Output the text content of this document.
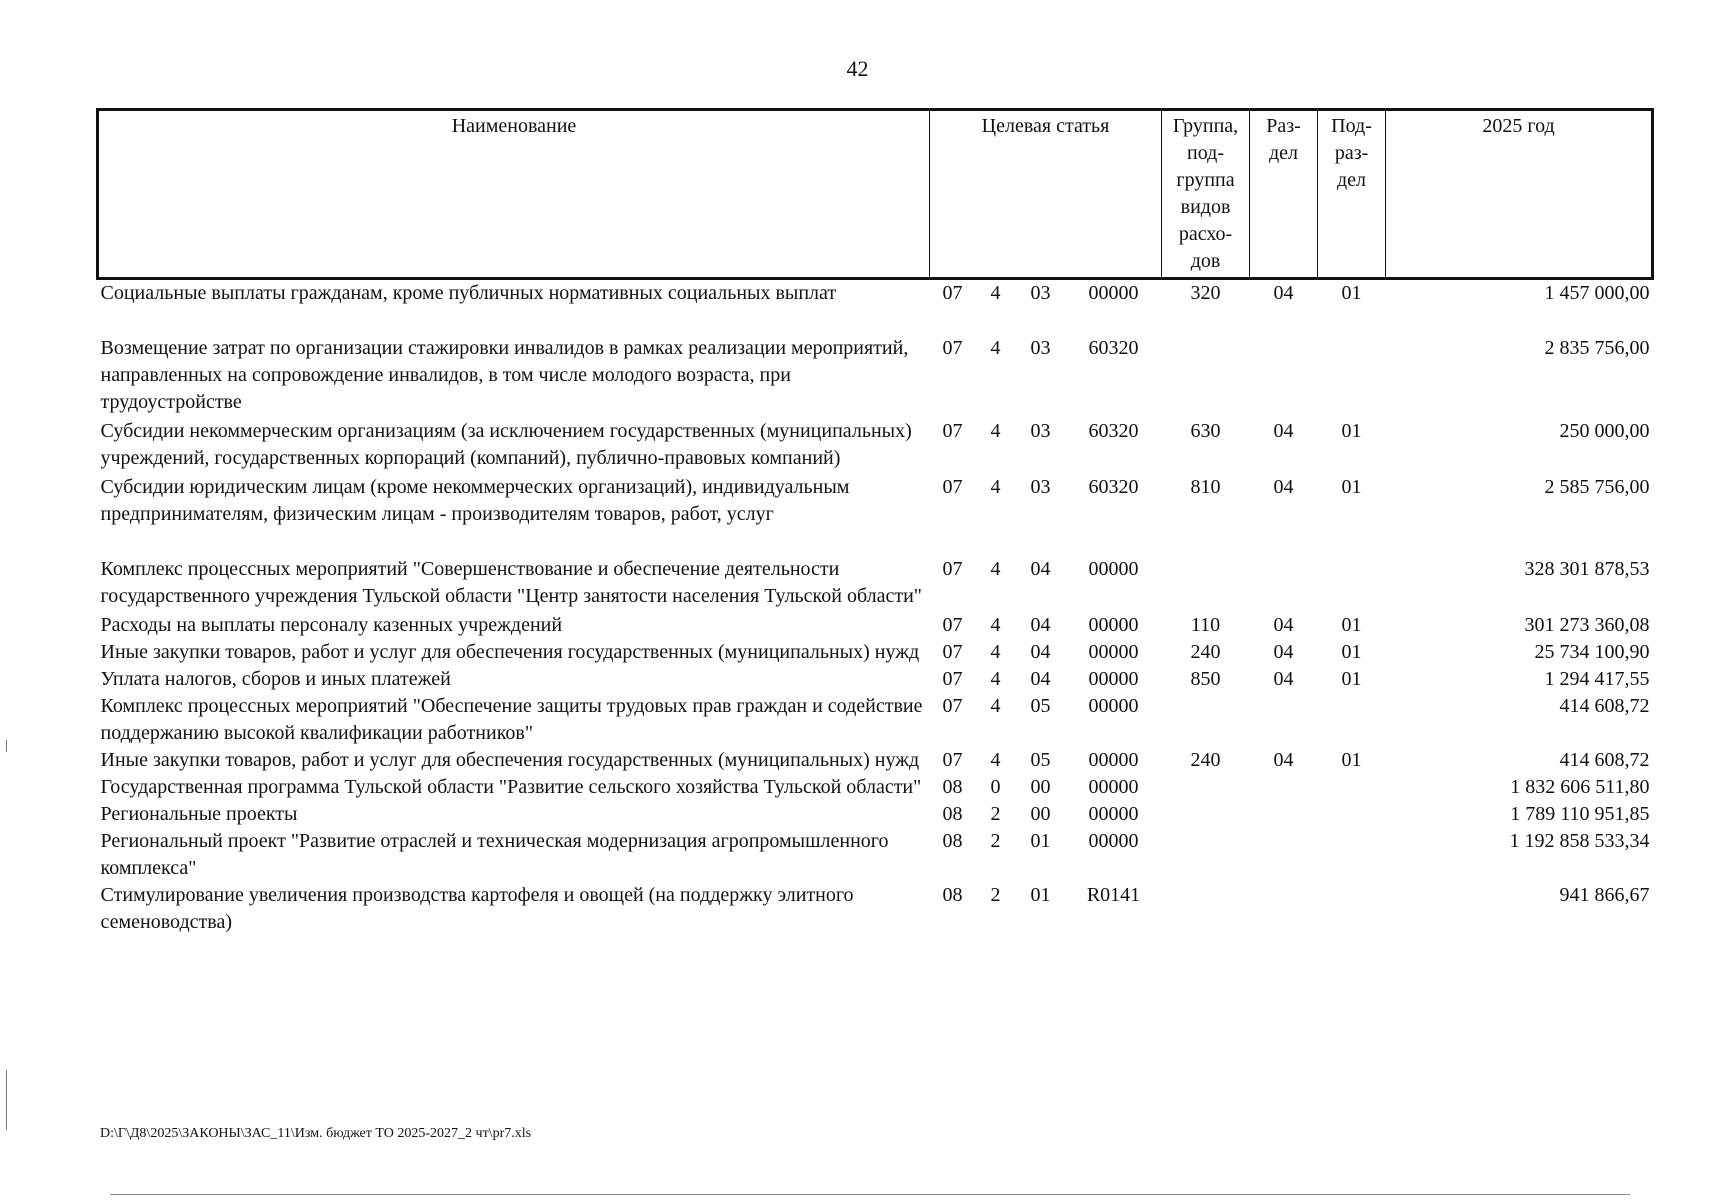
42
Наименование	Целевая статья				Группа, под-группа видов расхо-дов	Раз-дел	Под-раз-дел	2025 год
Социальные выплаты гражданам, кроме публичных нормативных социальных выплат	07	4	03	00000	320	04	01	1 457 000,00
Возмещение затрат по организации стажировки инвалидов в рамках реализации мероприятий, направленных на сопровождение инвалидов, в том числе молодого возраста, при трудоустройстве	07	4	03	60320				2 835 756,00
Субсидии некоммерческим организациям (за исключением государственных (муниципальных) учреждений, государственных корпораций (компаний), публично-правовых компаний)	07	4	03	60320	630	04	01	250 000,00
Субсидии юридическим лицам (кроме некоммерческих организаций), индивидуальным предпринимателям, физическим лицам - производителям товаров, работ, услуг	07	4	03	60320	810	04	01	2 585 756,00
Комплекс процессных мероприятий "Совершенствование и обеспечение деятельности государственного учреждения Тульской области "Центр занятости населения Тульской области"	07	4	04	00000				328 301 878,53
Расходы на выплаты персоналу казенных учреждений	07	4	04	00000	110	04	01	301 273 360,08
Иные закупки товаров, работ и услуг для обеспечения государственных (муниципальных) нужд	07	4	04	00000	240	04	01	25 734 100,90
Уплата налогов, сборов и иных платежей	07	4	04	00000	850	04	01	1 294 417,55
Комплекс процессных мероприятий "Обеспечение защиты трудовых прав граждан и содействие поддержанию высокой квалификации работников"	07	4	05	00000				414 608,72
Иные закупки товаров, работ и услуг для обеспечения государственных (муниципальных) нужд	07	4	05	00000	240	04	01	414 608,72
Государственная программа Тульской области "Развитие сельского хозяйства Тульской области"	08	0	00	00000				1 832 606 511,80
Региональные проекты	08	2	00	00000				1 789 110 951,85
Региональный проект "Развитие отраслей и техническая модернизация агропромышленного комплекса"	08	2	01	00000				1 192 858 533,34
Стимулирование увеличения производства картофеля и овощей (на поддержку элитного семеноводства)	08	2	01	R0141				941 866,67
D:\Г\Д8\2025\ЗАКОНЫ\ЗАС_11\Изм. бюджет ТО 2025-2027_2 чт\pr7.xls
